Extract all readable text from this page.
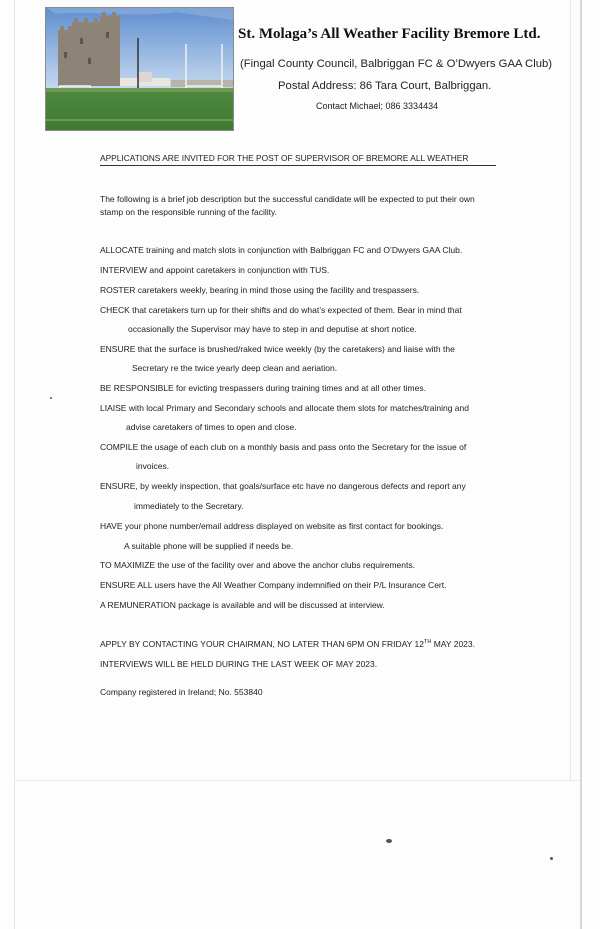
St. Molaga’s All Weather Facility Bremore Ltd.
(Fingal County Council, Balbriggan FC & O’Dwyers GAA Club)
Postal Address: 86 Tara Court, Balbriggan.
Contact Michael; 086 3334434
APPLICATIONS ARE INVITED FOR THE POST OF SUPERVISOR OF BREMORE ALL WEATHER
The following is a brief job description but the successful candidate will be expected to put their own stamp on the responsible running of the facility.
ALLOCATE training and match slots in conjunction with Balbriggan FC and O’Dwyers GAA Club.
INTERVIEW and appoint caretakers in conjunction with TUS.
ROSTER caretakers weekly, bearing in mind those using the facility and trespassers.
CHECK that caretakers turn up for their shifts and do what’s expected of them. Bear in mind that
occasionally the Supervisor may have to step in and deputise at short notice.
ENSURE that the surface is brushed/raked twice weekly (by the caretakers) and liaise with the
Secretary re the twice yearly deep clean and aeriation.
BE RESPONSIBLE for evicting trespassers during training times and at all other times.
LIAISE with local Primary and Secondary schools and allocate them slots for matches/training and
advise caretakers of times to open and close.
COMPILE the usage of each club on a monthly basis and pass onto the Secretary for the issue of
invoices.
ENSURE, by weekly inspection, that goals/surface etc have no dangerous defects and report any
immediately to the Secretary.
HAVE your phone number/email address displayed on website as first contact for bookings.
A suitable phone will be supplied if needs be.
TO MAXIMIZE the use of the facility over and above the anchor clubs requirements.
ENSURE ALL users have the All Weather Company indemnified on their P/L Insurance Cert.
A REMUNERATION package is available and will be discussed at interview.
APPLY BY CONTACTING YOUR CHAIRMAN, NO LATER THAN 6PM ON FRIDAY 12TH MAY 2023.
INTERVIEWS WILL BE HELD DURING THE LAST WEEK OF MAY 2023.
Company registered in Ireland; No. 553840
